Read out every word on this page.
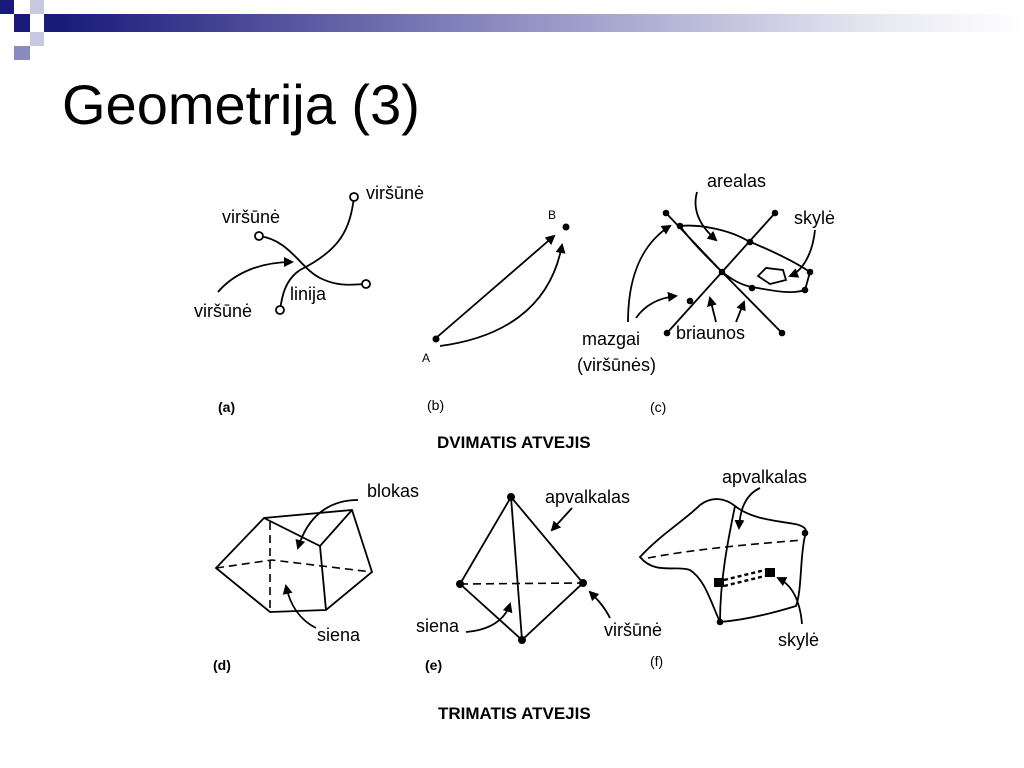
Geometrija (3)
viršūnė
viršūnė
viršūnė
linija
(a)
B
A
(b)
arealas
skylė
mazgai
(viršūnės)
briaunos
(c)
DVIMATIS ATVEJIS
blokas
siena
(d)
apvalkalas
siena	viršūnė
(e)
apvalkalas
skylė
(f)
TRIMATIS ATVEJIS
